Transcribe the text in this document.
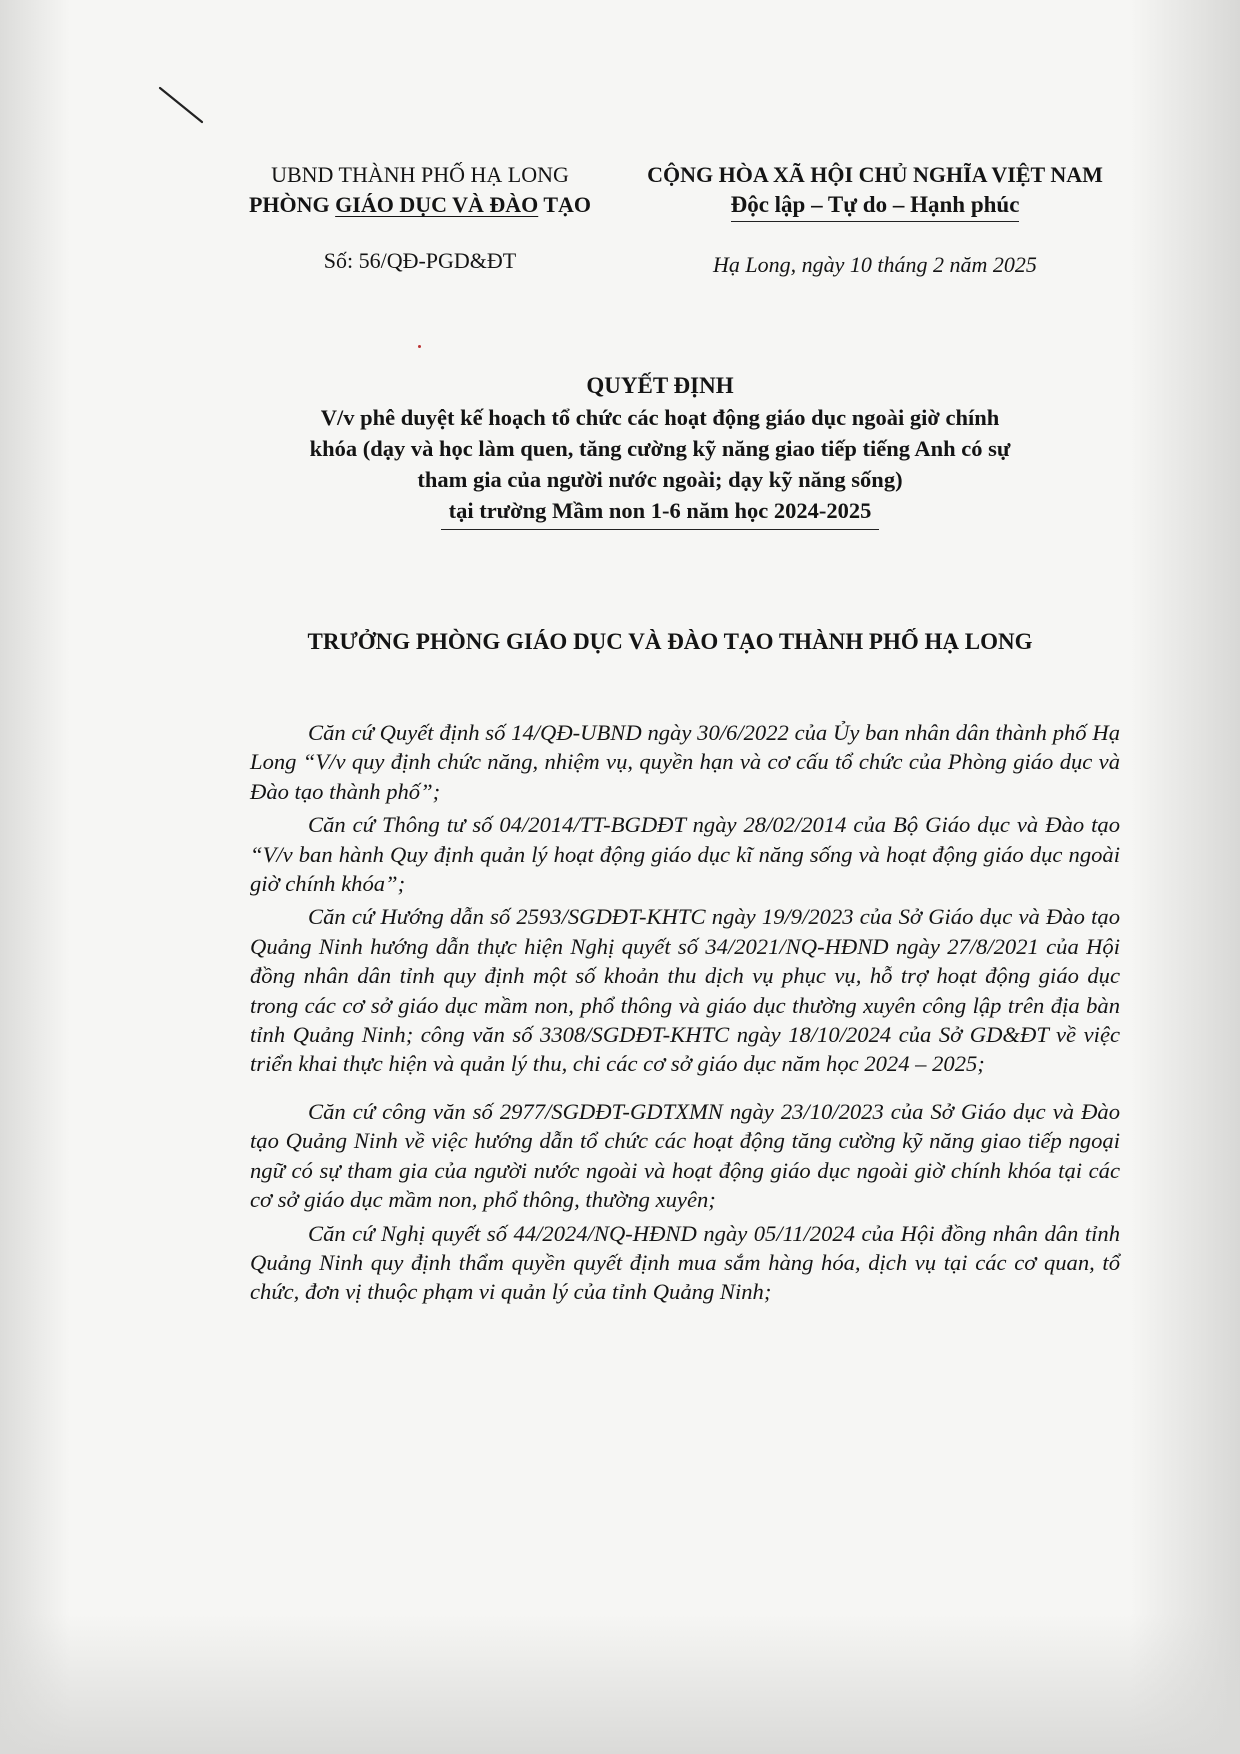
UBND THÀNH PHỐ HẠ LONG
PHÒNG GIÁO DỤC VÀ ĐÀO TẠO
Số: 56/QĐ-PGD&ĐT
CỘNG HÒA XÃ HỘI CHỦ NGHĨA VIỆT NAM
Độc lập – Tự do – Hạnh phúc
Hạ Long, ngày 10 tháng 2 năm 2025
QUYẾT ĐỊNH
V/v phê duyệt kế hoạch tổ chức các hoạt động giáo dục ngoài giờ chính
khóa (dạy và học làm quen, tăng cường kỹ năng giao tiếp tiếng Anh có sự
tham gia của người nước ngoài; dạy kỹ năng sống)
tại trường Mầm non 1-6 năm học 2024-2025
TRƯỞNG PHÒNG GIÁO DỤC VÀ ĐÀO TẠO THÀNH PHỐ HẠ LONG

Căn cứ Quyết định số 14/QĐ-UBND ngày 30/6/2022 của Ủy ban nhân dân thành phố Hạ Long “V/v quy định chức năng, nhiệm vụ, quyền hạn và cơ cấu tổ chức của Phòng giáo dục và Đào tạo thành phố”;

Căn cứ Thông tư số 04/2014/TT-BGDĐT ngày 28/02/2014 của Bộ Giáo dục và Đào tạo “V/v ban hành Quy định quản lý hoạt động giáo dục kĩ năng sống và hoạt động giáo dục ngoài giờ chính khóa”;

Căn cứ Hướng dẫn số 2593/SGDĐT-KHTC ngày 19/9/2023 của Sở Giáo dục và Đào tạo Quảng Ninh hướng dẫn thực hiện Nghị quyết số 34/2021/NQ-HĐND ngày 27/8/2021 của Hội đồng nhân dân tỉnh quy định một số khoản thu dịch vụ phục vụ, hỗ trợ hoạt động giáo dục trong các cơ sở giáo dục mầm non, phổ thông và giáo dục thường xuyên công lập trên địa bàn tỉnh Quảng Ninh; công văn số 3308/SGDĐT-KHTC ngày 18/10/2024 của Sở GD&ĐT về việc triển khai thực hiện và quản lý thu, chi các cơ sở giáo dục năm học 2024 – 2025;

Căn cứ công văn số 2977/SGDĐT-GDTXMN ngày 23/10/2023 của Sở Giáo dục và Đào tạo Quảng Ninh về việc hướng dẫn tổ chức các hoạt động tăng cường kỹ năng giao tiếp ngoại ngữ có sự tham gia của người nước ngoài và hoạt động giáo dục ngoài giờ chính khóa tại các cơ sở giáo dục mầm non, phổ thông, thường xuyên;

Căn cứ Nghị quyết số 44/2024/NQ-HĐND ngày 05/11/2024 của Hội đồng nhân dân tỉnh Quảng Ninh quy định thẩm quyền quyết định mua sắm hàng hóa, dịch vụ tại các cơ quan, tổ chức, đơn vị thuộc phạm vi quản lý của tỉnh Quảng Ninh;
